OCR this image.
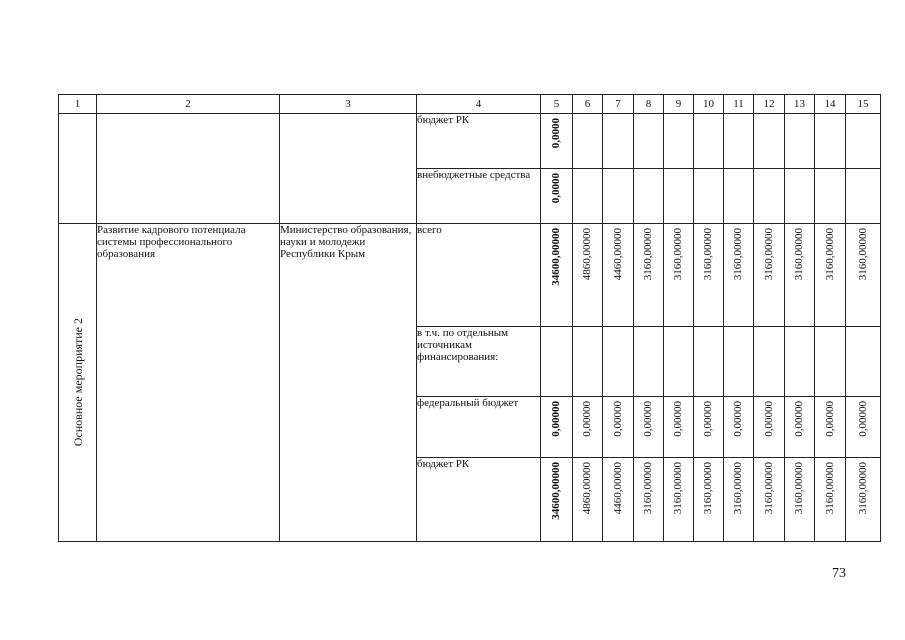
1	2	3	4	5	6	7	8	9	10	11	12	13	14	15
			бюджет РК	0,0000										

			внебюджетные средства	0,0000										

Основное мероприятие 2	Развитие кадрового потенциала системы профессионального образования	Министерство образования, науки и молодежи Республики Крым	всего	34600,00000	4860,00000	4460,00000	3160,00000	3160,00000	3160,00000	3160,00000	3160,00000	3160,00000	3160,00000	3160,00000

			в т.ч. по отдельным источникам финансирования:											
			федеральный бюджет	0,00000	0,00000	0,00000	0,00000	0,00000	0,00000	0,00000	0,00000	0,00000	0,00000	0,00000

			бюджет РК	34600,00000	4860,00000	4460,00000	3160,00000	3160,00000	3160,00000	3160,00000	3160,00000	3160,00000	3160,00000	3160,00000
73
